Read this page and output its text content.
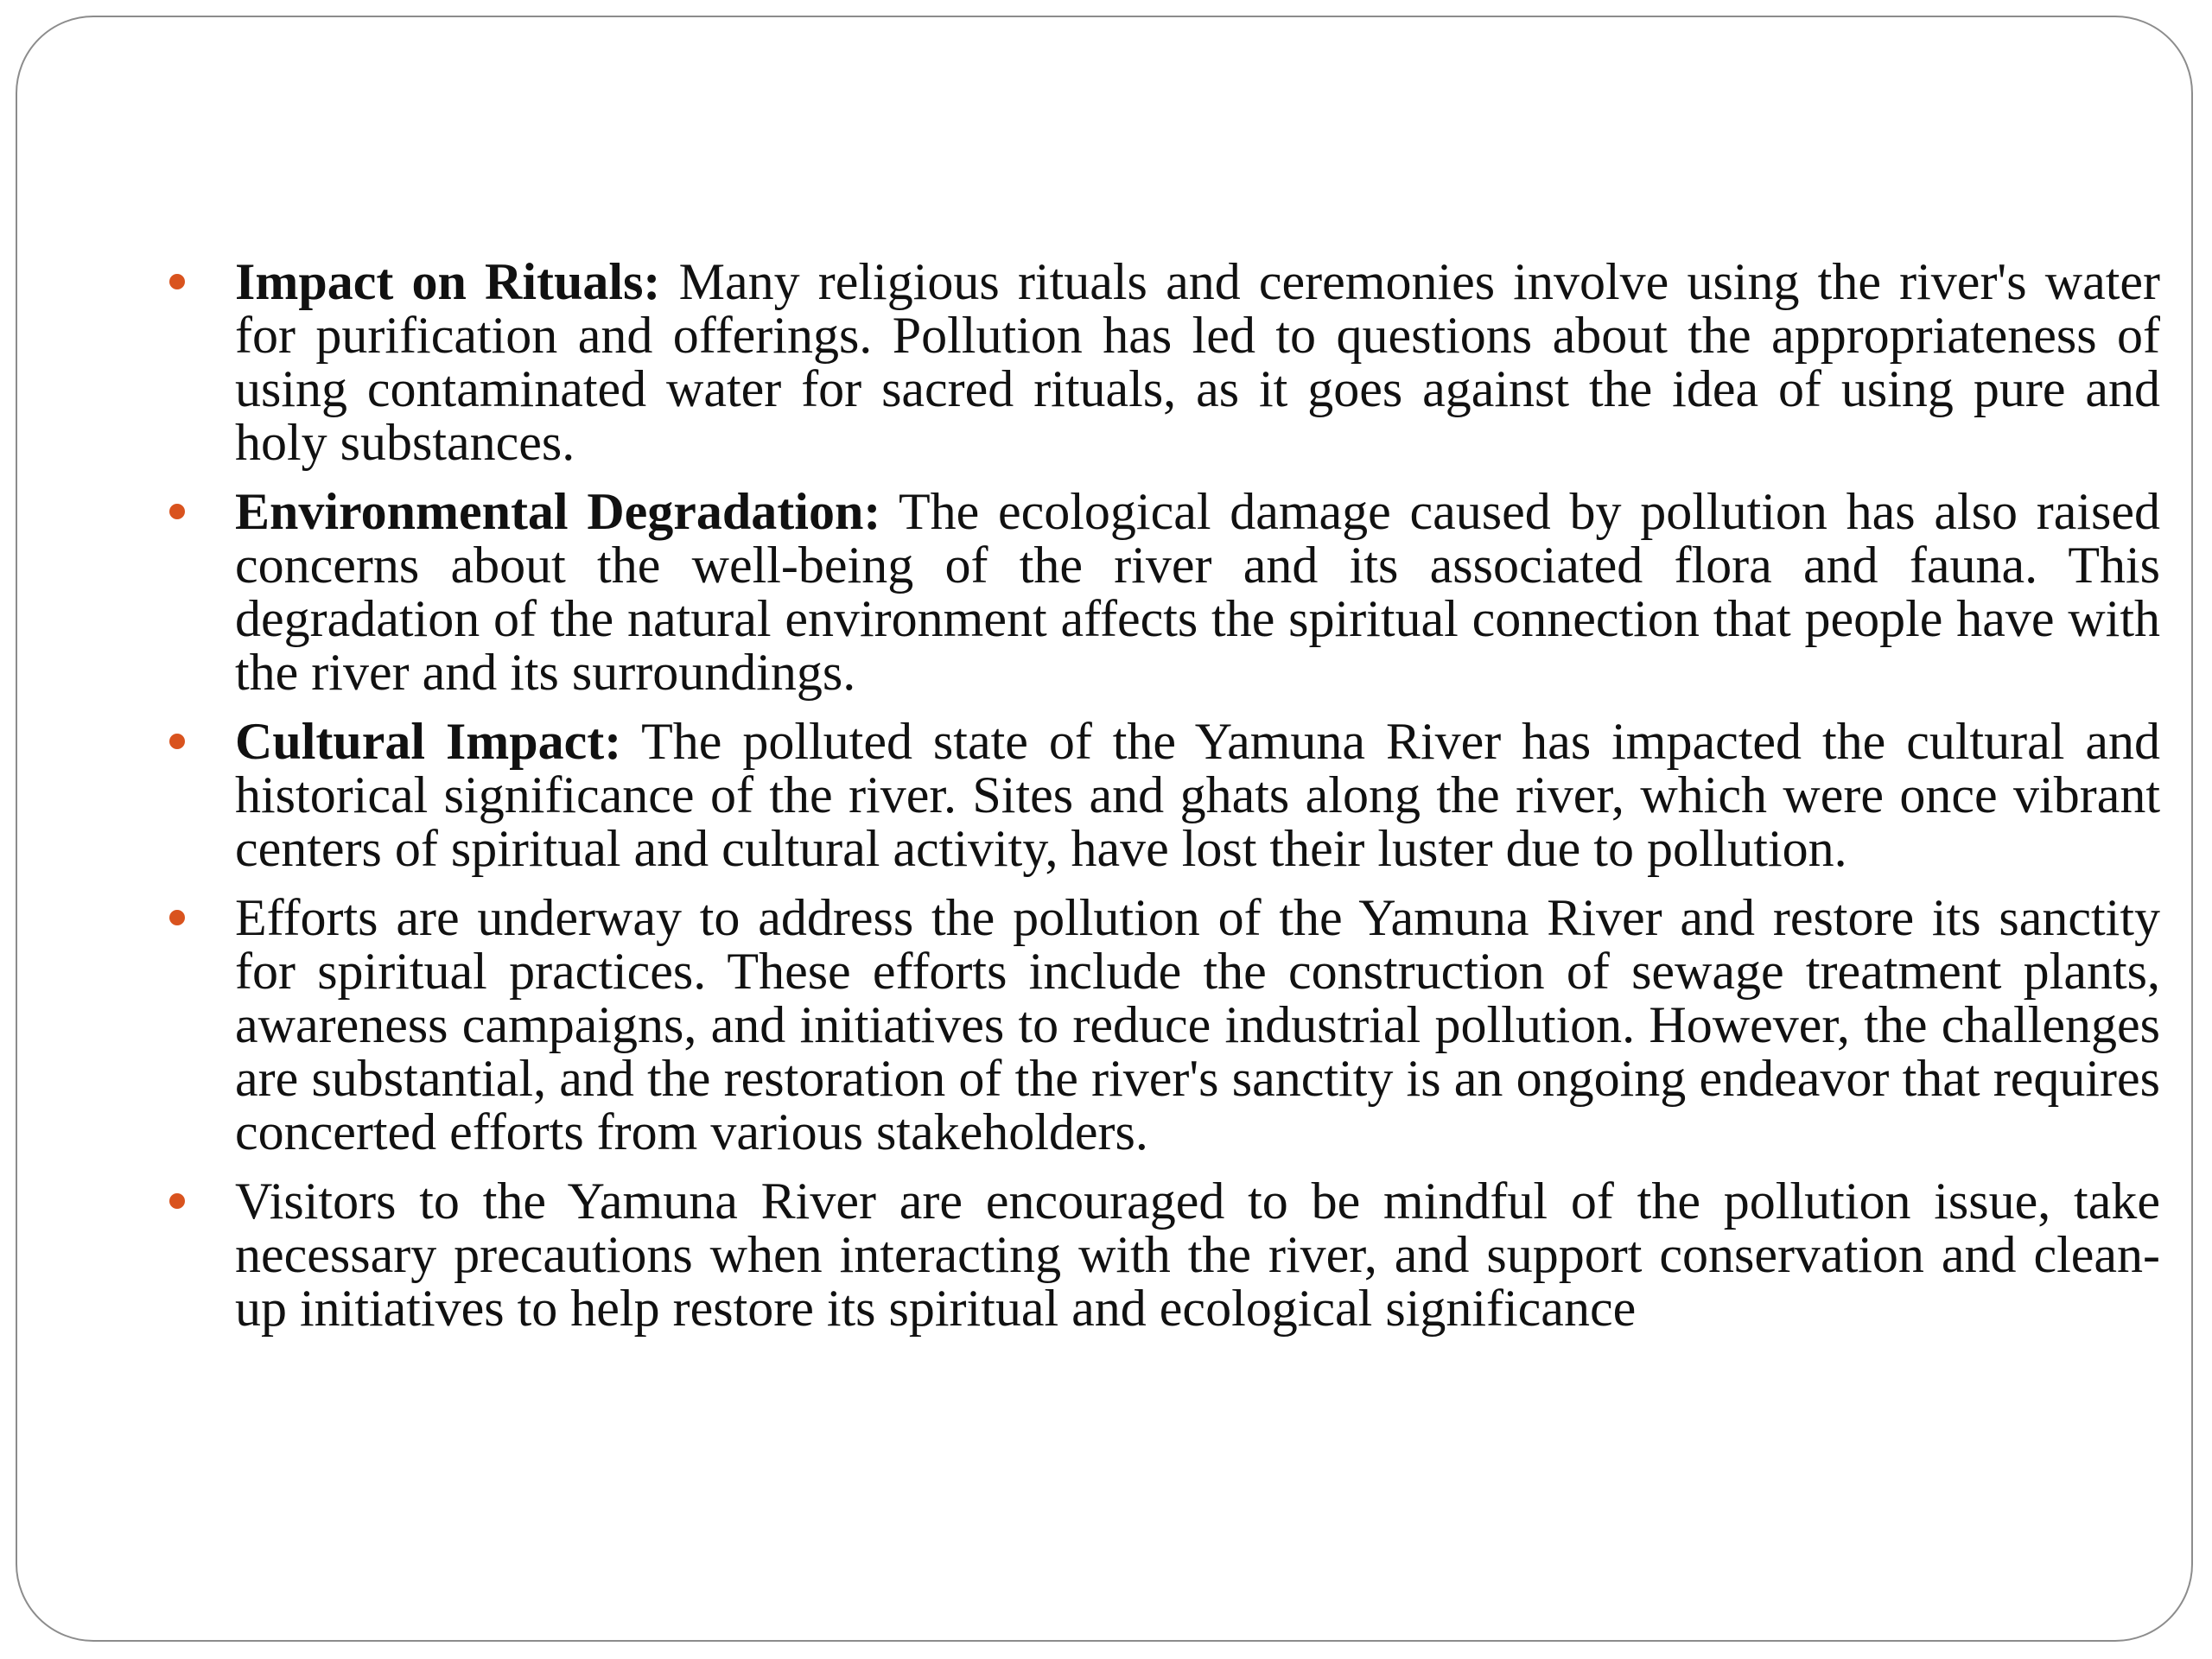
Impact on Rituals: Many religious rituals and ceremonies involve using the river's water for purification and offerings. Pollution has led to questions about the appropriateness of using contaminated water for sacred rituals, as it goes against the idea of using pure and holy substances.
Environmental Degradation: The ecological damage caused by pollution has also raised concerns about the well-being of the river and its associated flora and fauna. This degradation of the natural environment affects the spiritual connection that people have with the river and its surroundings.
Cultural Impact: The polluted state of the Yamuna River has impacted the cultural and historical significance of the river. Sites and ghats along the river, which were once vibrant centers of spiritual and cultural activity, have lost their luster due to pollution.
Efforts are underway to address the pollution of the Yamuna River and restore its sanctity for spiritual practices. These efforts include the construction of sewage treatment plants, awareness campaigns, and initiatives to reduce industrial pollution. However, the challenges are substantial, and the restoration of the river's sanctity is an ongoing endeavor that requires concerted efforts from various stakeholders.
Visitors to the Yamuna River are encouraged to be mindful of the pollution issue, take necessary precautions when interacting with the river, and support conservation and clean-up initiatives to help restore its spiritual and ecological significance
